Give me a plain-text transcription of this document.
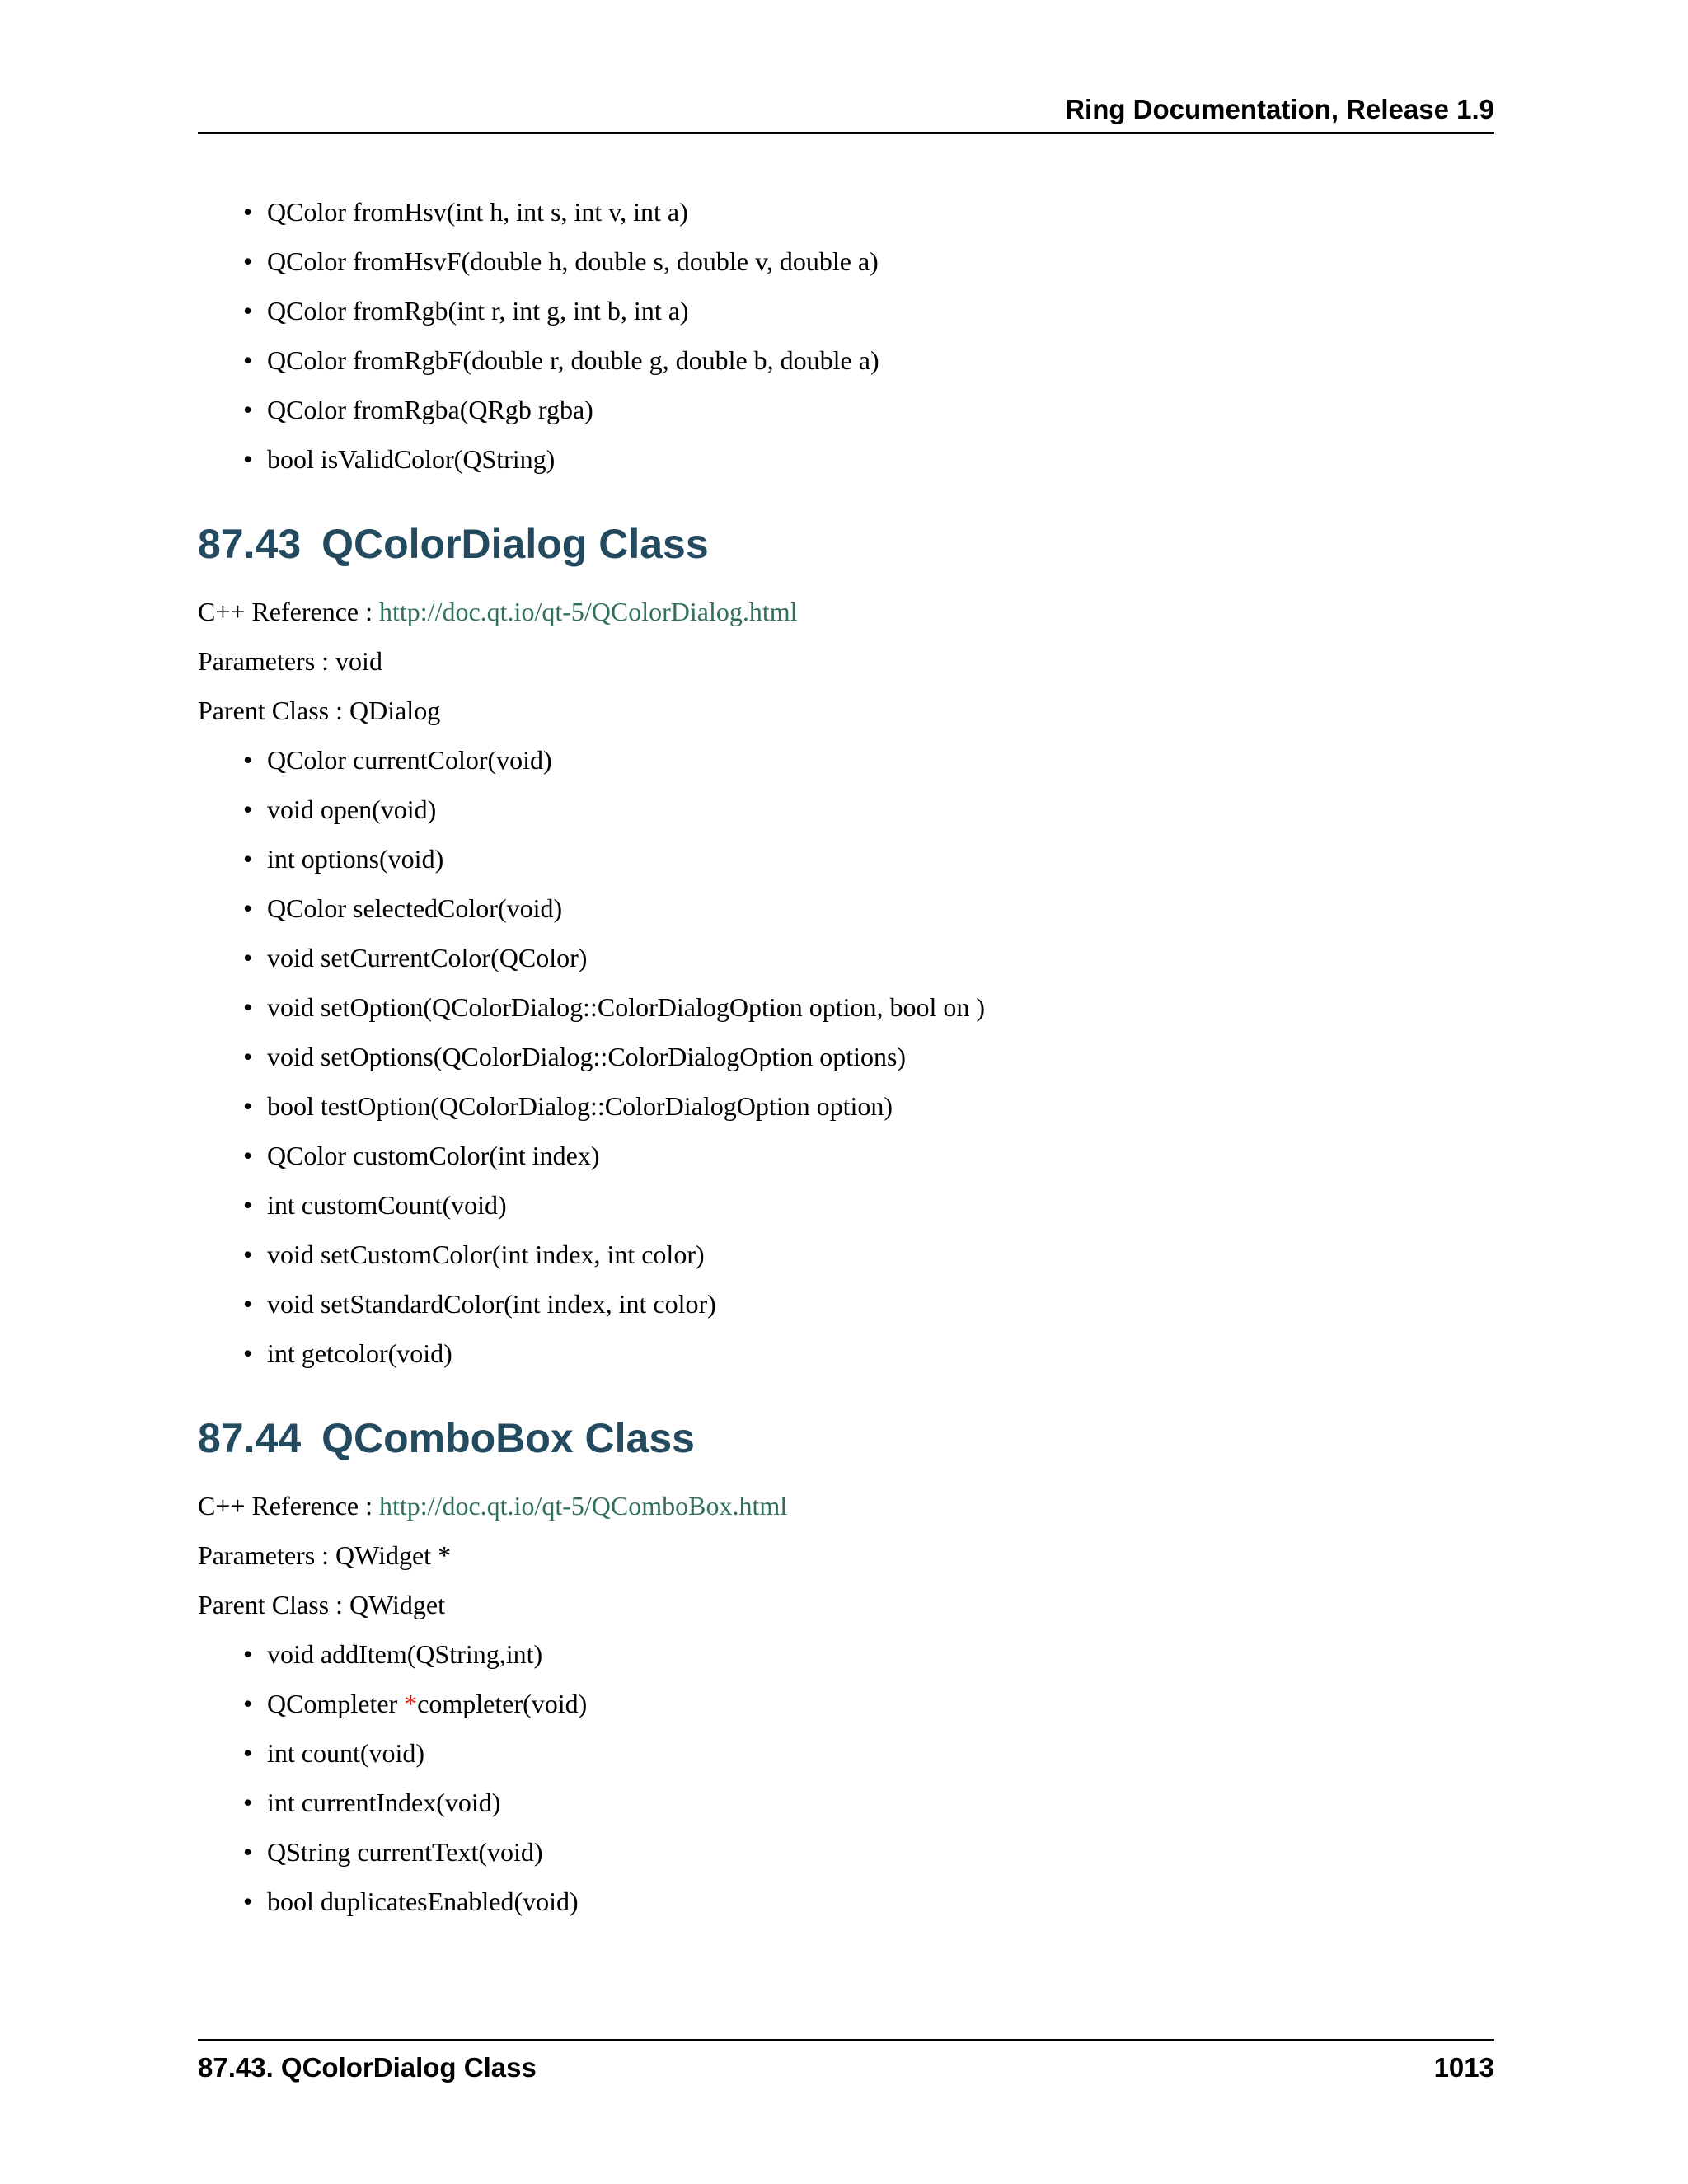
Ring Documentation, Release 1.9
• QColor fromHsv(int h, int s, int v, int a)
• QColor fromHsvF(double h, double s, double v, double a)
• QColor fromRgb(int r, int g, int b, int a)
• QColor fromRgbF(double r, double g, double b, double a)
• QColor fromRgba(QRgb rgba)
• bool isValidColor(QString)
87.43 QColorDialog Class
C++ Reference : http://doc.qt.io/qt-5/QColorDialog.html
Parameters : void
Parent Class : QDialog
• QColor currentColor(void)
• void open(void)
• int options(void)
• QColor selectedColor(void)
• void setCurrentColor(QColor)
• void setOption(QColorDialog::ColorDialogOption option, bool on )
• void setOptions(QColorDialog::ColorDialogOption options)
• bool testOption(QColorDialog::ColorDialogOption option)
• QColor customColor(int index)
• int customCount(void)
• void setCustomColor(int index, int color)
• void setStandardColor(int index, int color)
• int getcolor(void)
87.44 QComboBox Class
C++ Reference : http://doc.qt.io/qt-5/QComboBox.html
Parameters : QWidget *
Parent Class : QWidget
• void addItem(QString,int)
• QCompleter *completer(void)
• int count(void)
• int currentIndex(void)
• QString currentText(void)
• bool duplicatesEnabled(void)
87.43. QColorDialog Class	1013
